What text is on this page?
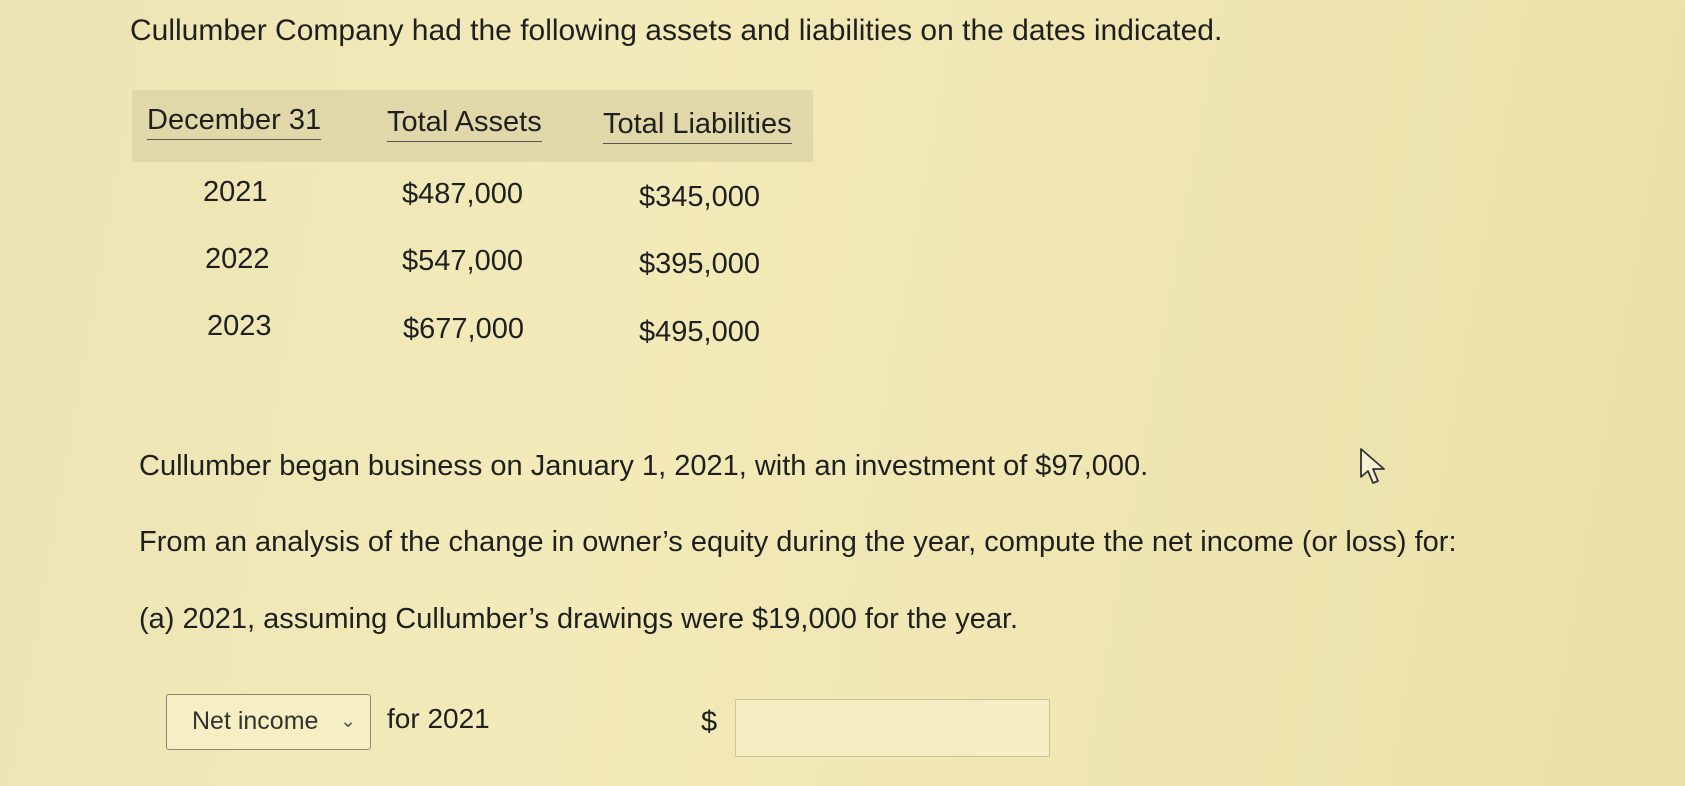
Cullumber Company had the following assets and liabilities on the dates indicated.
December 31 Total Assets Total Liabilities
2021	$487,000	$345,000
2022	$547,000	$395,000
2023	$677,000	$495,000
Cullumber began business on January 1, 2021, with an investment of $97,000.
From an analysis of the change in owner’s equity during the year, compute the net income (or loss) for:
(a) 2021, assuming Cullumber’s drawings were $19,000 for the year.
Net income ⌄ for 2021	$
